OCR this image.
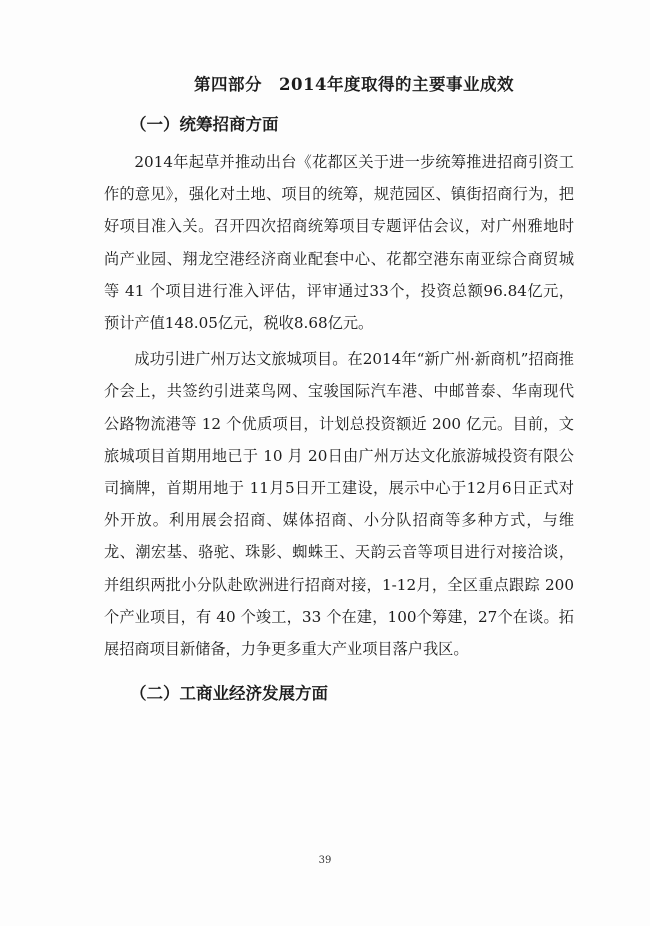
第四部分　2014年度取得的主要事业成效
（一）统筹招商方面

2014年起草并推动出台《花都区关于进一步统筹推进招商引资工作的意见》，强化对土地、项目的统筹，规范园区、镇街招商行为，把好项目准入关。召开四次招商统筹项目专题评估会议，对广州雅地时尚产业园、翔龙空港经济商业配套中心、花都空港东南亚综合商贸城等 41 个项目进行准入评估，评审通过33个，投资总额96.84亿元，预计产值148.05亿元，税收8.68亿元。

成功引进广州万达文旅城项目。在2014年“新广州·新商机”招商推介会上，共签约引进菜鸟网、宝骏国际汽车港、中邮普泰、华南现代公路物流港等 12 个优质项目，计划总投资额近 200 亿元。目前，文旅城项目首期用地已于 10 月 20日由广州万达文化旅游城投资有限公司摘牌，首期用地于 11月5日开工建设，展示中心于12月6日正式对外开放。利用展会招商、媒体招商、小分队招商等多种方式，与维龙、潮宏基、骆驼、珠影、蜘蛛王、天韵云音等项目进行对接洽谈，并组织两批小分队赴欧洲进行招商对接，1-12月，全区重点跟踪 200 个产业项目，有 40 个竣工，33 个在建，100个筹建，27个在谈。拓展招商项目新储备，力争更多重大产业项目落户我区。

（二）工商业经济发展方面
39
